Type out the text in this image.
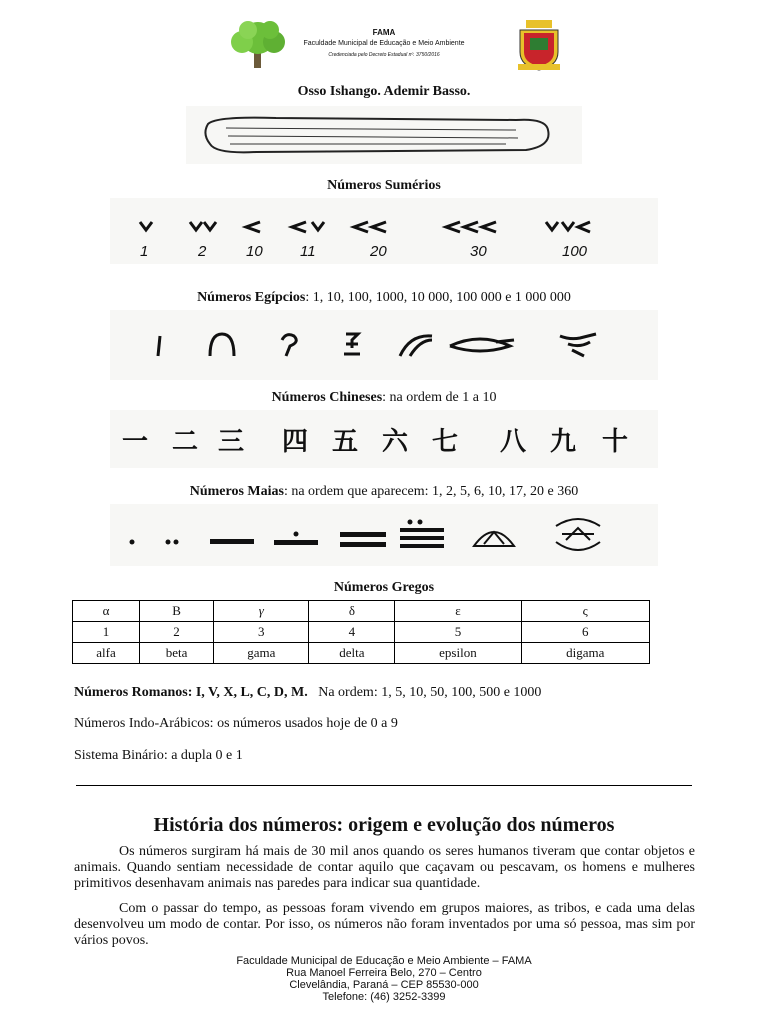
FAMA
Faculdade Municipal de Educação e Meio Ambiente
Credenciada pelo Decreto Estadual nº. 3750/2016
Osso Ishango. Ademir Basso.
Números Sumérios
1	2	10 11	20	30	100
Números Egípcios: 1, 10, 100, 1000, 10 000, 100 000 e 1 000 000
Números Chineses: na ordem de 1 a 10
一 二 三 四 五 六 七 八 九 十
Números Maias: na ordem que aparecem: 1, 2, 5, 6, 10, 17, 20 e 360
Números Gregos
α	Β	γ	δ	ε	ς
1	2	3	4	5	6
alfa	beta	gama	delta	epsilon	digama
Números Romanos: I, V, X, L, C, D, M. Na ordem: 1, 5, 10, 50, 100, 500 e 1000
Números Indo-Arábicos: os números usados hoje de 0 a 9
Sistema Binário: a dupla 0 e 1
História dos números: origem e evolução dos números
Os números surgiram há mais de 30 mil anos quando os seres humanos tiveram que contar objetos e animais. Quando sentiam necessidade de contar aquilo que caçavam ou pescavam, os homens e mulheres primitivos desenhavam animais nas paredes para indicar sua quantidade.
Com o passar do tempo, as pessoas foram vivendo em grupos maiores, as tribos, e cada uma delas desenvolveu um modo de contar. Por isso, os números não foram inventados por uma só pessoa, mas sim por vários povos.
Faculdade Municipal de Educação e Meio Ambiente – FAMA
Rua Manoel Ferreira Belo, 270 – Centro
Clevelândia, Paraná – CEP 85530-000
Telefone: (46) 3252-3399
